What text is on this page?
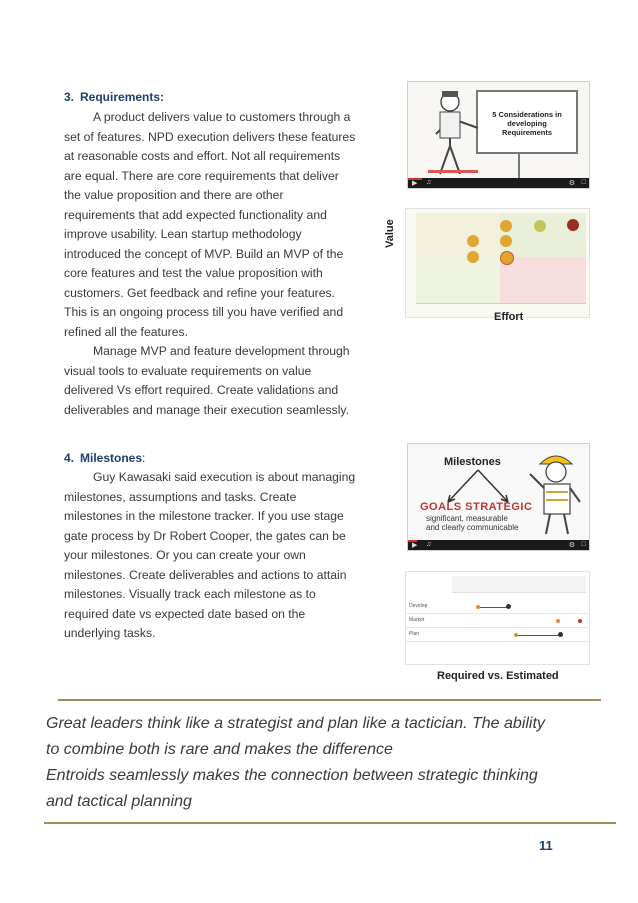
3. Requirements:

A product delivers value to customers through a

set of features. NPD execution delivers these features

at reasonable costs and effort. Not all requirements

are equal. There are core requirements that deliver

the value proposition and there are other

requirements that add expected functionality and

improve usability. Lean startup methodology

introduced the concept of MVP. Build an MVP of the

core features and test the value proposition with

customers. Get feedback and refine your features.

This is an ongoing process till you have verified and

refined all the features.

Manage MVP and feature development through

visual tools to evaluate requirements on value

delivered Vs effort required. Create validations and

deliverables and manage their execution seamlessly.

5 Considerations in
developing Requirements
▶ ♫	⚙ □
Value
Effort
4. Milestones:

Guy Kawasaki said execution is about managing

milestones, assumptions and tasks. Create

milestones in the milestone tracker. If you use stage

gate process by Dr Robert Cooper, the gates can be

your milestones. Or you can create your own

milestones. Create deliverables and actions to attain

milestones. Visually track each milestone as to

required date vs expected date based on the

underlying tasks.

Milestones
GOALS STRATEGIC
significant, measurable
and clearly communicable
▶ ♫	⚙ □
Develop
Market
Plan
Required vs. Estimated

Great leaders think like a strategist and plan like a tactician. The ability

to combine both is rare and makes the difference

Entroids seamlessly makes the connection between strategic thinking

and tactical planning

11
